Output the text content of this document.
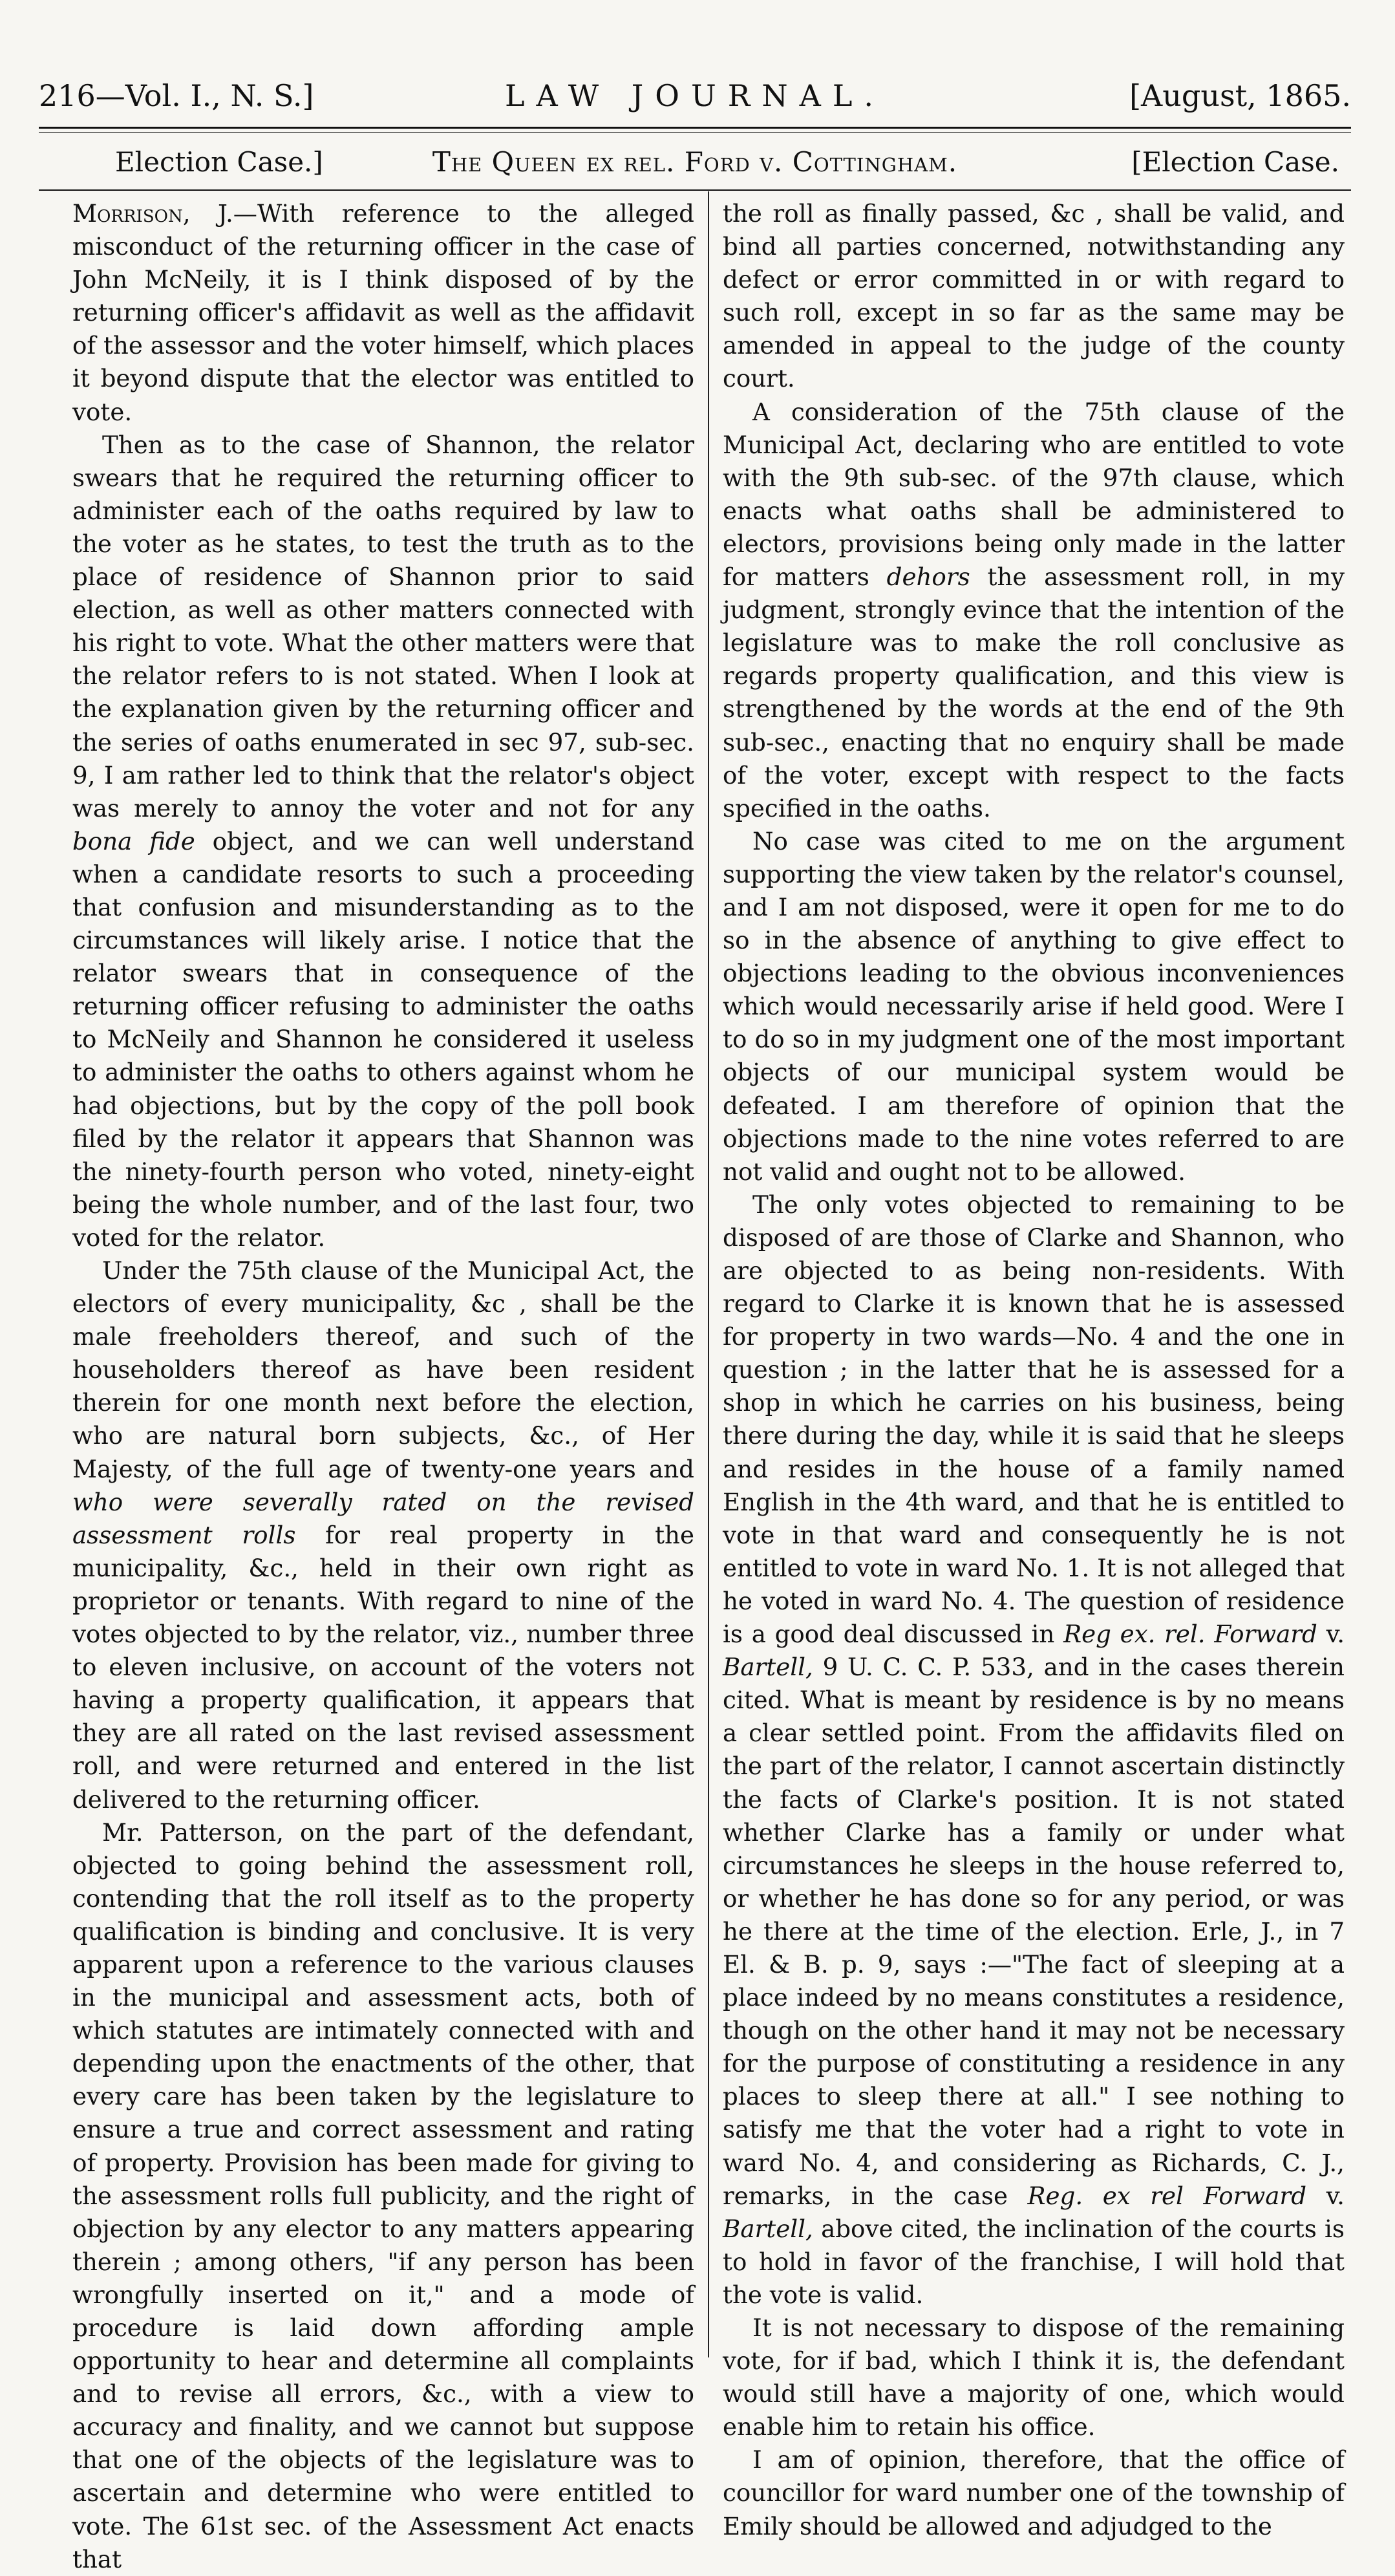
216—Vol. I., N. S.]	LAW JOURNAL.	[August, 1865.
Election Case.]	The Queen ex rel. Ford v. Cottingham.	[Election Case.

Morrison, J.—With reference to the alleged misconduct of the returning officer in the case of John McNeily, it is I think disposed of by the returning officer's affidavit as well as the affidavit of the assessor and the voter himself, which places it beyond dispute that the elector was entitled to vote.

Then as to the case of Shannon, the relator swears that he required the returning officer to administer each of the oaths required by law to the voter as he states, to test the truth as to the place of residence of Shannon prior to said election, as well as other matters connected with his right to vote. What the other matters were that the relator refers to is not stated. When I look at the explanation given by the returning officer and the series of oaths enumerated in sec 97, sub-sec. 9, I am rather led to think that the relator's object was merely to annoy the voter and not for any bona fide object, and we can well understand when a candidate resorts to such a proceeding that confusion and misunderstanding as to the circumstances will likely arise. I notice that the relator swears that in consequence of the returning officer refusing to administer the oaths to McNeily and Shannon he considered it useless to administer the oaths to others against whom he had objections, but by the copy of the poll book filed by the relator it appears that Shannon was the ninety-fourth person who voted, ninety-eight being the whole number, and of the last four, two voted for the relator.

Under the 75th clause of the Municipal Act, the electors of every municipality, &c , shall be the male freeholders thereof, and such of the householders thereof as have been resident therein for one month next before the election, who are natural born subjects, &c., of Her Majesty, of the full age of twenty-one years and who were severally rated on the revised assessment rolls for real property in the municipality, &c., held in their own right as proprietor or tenants. With regard to nine of the votes objected to by the relator, viz., number three to eleven inclusive, on account of the voters not having a property qualification, it appears that they are all rated on the last revised assessment roll, and were returned and entered in the list delivered to the returning officer.

Mr. Patterson, on the part of the defendant, objected to going behind the assessment roll, contending that the roll itself as to the property qualification is binding and conclusive. It is very apparent upon a reference to the various clauses in the municipal and assessment acts, both of which statutes are intimately connected with and depending upon the enactments of the other, that every care has been taken by the legislature to ensure a true and correct assessment and rating of property. Provision has been made for giving to the assessment rolls full publicity, and the right of objection by any elector to any matters appearing therein ; among others, "if any person has been wrongfully inserted on it," and a mode of procedure is laid down affording ample opportunity to hear and determine all complaints and to revise all errors, &c., with a view to accuracy and finality, and we cannot but suppose that one of the objects of the legislature was to ascertain and determine who were entitled to vote. The 61st sec. of the Assessment Act enacts that

the roll as finally passed, &c , shall be valid, and bind all parties concerned, notwithstanding any defect or error committed in or with regard to such roll, except in so far as the same may be amended in appeal to the judge of the county court.

A consideration of the 75th clause of the Municipal Act, declaring who are entitled to vote with the 9th sub-sec. of the 97th clause, which enacts what oaths shall be administered to electors, provisions being only made in the latter for matters dehors the assessment roll, in my judgment, strongly evince that the intention of the legislature was to make the roll conclusive as regards property qualification, and this view is strengthened by the words at the end of the 9th sub-sec., enacting that no enquiry shall be made of the voter, except with respect to the facts specified in the oaths.

No case was cited to me on the argument supporting the view taken by the relator's counsel, and I am not disposed, were it open for me to do so in the absence of anything to give effect to objections leading to the obvious inconveniences which would necessarily arise if held good. Were I to do so in my judgment one of the most important objects of our municipal system would be defeated. I am therefore of opinion that the objections made to the nine votes referred to are not valid and ought not to be allowed.

The only votes objected to remaining to be disposed of are those of Clarke and Shannon, who are objected to as being non-residents. With regard to Clarke it is known that he is assessed for property in two wards—No. 4 and the one in question ; in the latter that he is assessed for a shop in which he carries on his business, being there during the day, while it is said that he sleeps and resides in the house of a family named English in the 4th ward, and that he is entitled to vote in that ward and consequently he is not entitled to vote in ward No. 1. It is not alleged that he voted in ward No. 4. The question of residence is a good deal discussed in Reg ex. rel. Forward v. Bartell, 9 U. C. C. P. 533, and in the cases therein cited. What is meant by residence is by no means a clear settled point. From the affidavits filed on the part of the relator, I cannot ascertain distinctly the facts of Clarke's position. It is not stated whether Clarke has a family or under what circumstances he sleeps in the house referred to, or whether he has done so for any period, or was he there at the time of the election. Erle, J., in 7 El. & B. p. 9, says :—"The fact of sleeping at a place indeed by no means constitutes a residence, though on the other hand it may not be necessary for the purpose of constituting a residence in any places to sleep there at all." I see nothing to satisfy me that the voter had a right to vote in ward No. 4, and considering as Richards, C. J., remarks, in the case Reg. ex rel Forward v. Bartell, above cited, the inclination of the courts is to hold in favor of the franchise, I will hold that the vote is valid.

It is not necessary to dispose of the remaining vote, for if bad, which I think it is, the defendant would still have a majority of one, which would enable him to retain his office.

I am of opinion, therefore, that the office of councillor for ward number one of the township of Emily should be allowed and adjudged to the
